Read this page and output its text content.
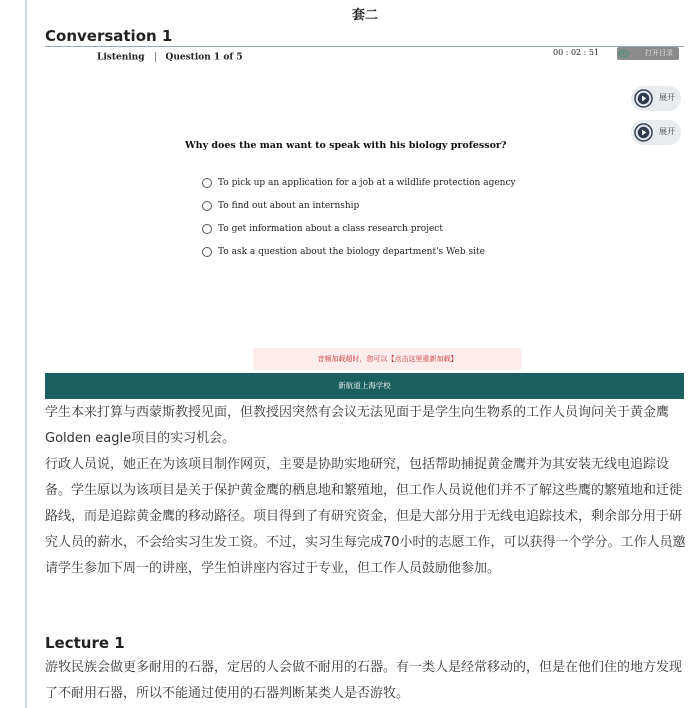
套二
Conversation 1
Listening Question 1 of 5	00 : 02 : 51	打开目录
展开
展开
Why does the man want to speak with his biology professor?
To pick up an application for a job at a wildlife protection agency
To find out about an internship
To get information about a class research project
To ask a question about the biology department's Web site
音频加载超时，您可以【点击这里重新加载】
新航道上海学校
学生本来打算与西蒙斯教授见面，但教授因突然有会议无法见面于是学生向生物系的工作人员询问关于黄金鹰Golden eagle项目的实习机会。
行政人员说，她正在为该项目制作网页，主要是协助实地研究，包括帮助捕捉黄金鹰并为其安装无线电追踪设备。学生原以为该项目是关于保护黄金鹰的栖息地和繁殖地，但工作人员说他们并不了解这些鹰的繁殖地和迁徙路线，而是追踪黄金鹰的移动路径。项目得到了有研究资金，但是大部分用于无线电追踪技术，剩余部分用于研究人员的薪水，不会给实习生发工资。不过，实习生每完成70小时的志愿工作，可以获得一个学分。工作人员邀请学生参加下周一的讲座，学生怕讲座内容过于专业，但工作人员鼓励他参加。
Lecture 1
游牧民族会做更多耐用的石器，定居的人会做不耐用的石器。有一类人是经常移动的，但是在他们住的地方发现了不耐用石器，所以不能通过使用的石器判断某类人是否游牧。
